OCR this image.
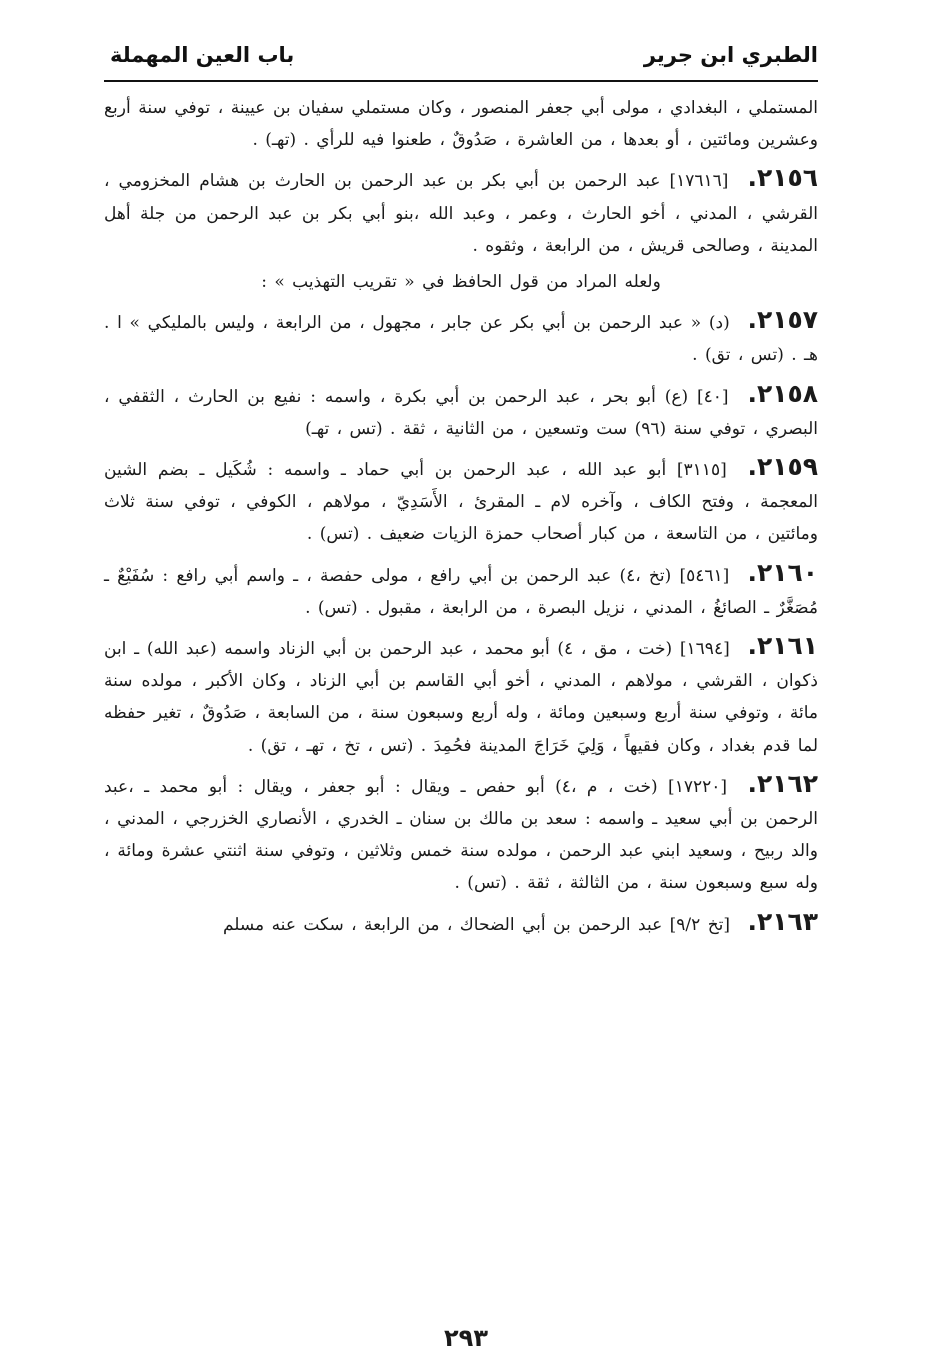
الطبري ابن جرير
باب العين المهملة

المستملي ، البغدادي ، مولى أبي جعفر المنصور ، وكان مستملي سفيان بن عيينة ، توفي سنة أربع وعشرين ومائتين ، أو بعدها ، من العاشرة ، صَدُوقٌ ، طعنوا فيه للرأي . (تهـ) .

٢١٥٦. [١٧٦١٦] عبد الرحمن بن أبي بكر بن عبد الرحمن بن الحارث بن هشام المخزومي ، القرشي ، المدني ، أخو الحارث ، وعمر ، وعبد الله ،بنو أبي بكر بن عبد الرحمن من جلة أهل المدينة ، وصالحى قريش ، من الرابعة ، وثقوه .

ولعله المراد من قول الحافظ في « تقريب التهذيب » :

٢١٥٧. (د) « عبد الرحمن بن أبي بكر عن جابر ، مجهول ، من الرابعة ، وليس بالمليكي » ا . هـ . (تس ، تق) .

٢١٥٨. [٤٠] (ع) أبو بحر ، عبد الرحمن بن أبي بكرة ، واسمه : نفيع بن الحارث ، الثقفي ، البصري ، توفي سنة (٩٦) ست وتسعين ، من الثانية ، ثقة . (تس ، تهـ)

٢١٥٩. [٣١١٥] أبو عبد الله ، عبد الرحمن بن أبي حماد ـ واسمه : شُكَيل ـ بضم الشين المعجمة ، وفتح الكاف ، وآخره لام ـ المقرئ ، الأَسَدِيّ ، مولاهم ، الكوفي ، توفي سنة ثلاث ومائتين ، من التاسعة ، من كبار أصحاب حمزة الزيات ضعيف . (تس) .

٢١٦٠. [٥٤٦١] (تخ ،٤) عبد الرحمن بن أبي رافع ، مولى حفصة ، ـ واسم أبي رافع : سُفَيْعٌ ـ مُصَغَّرٌ ـ الصائغُ ، المدني ، نزيل البصرة ، من الرابعة ، مقبول . (تس) .

٢١٦١. [١٦٩٤] (خت ، مق ، ٤) أبو محمد ، عبد الرحمن بن أبي الزناد واسمه (عبد الله) ـ ابن ذكوان ، القرشي ، مولاهم ، المدني ، أخو أبي القاسم بن أبي الزناد ، وكان الأكبر ، مولده سنة مائة ، وتوفي سنة أربع وسبعين ومائة ، وله أربع وسبعون سنة ، من السابعة ، صَدُوقٌ ، تغير حفظه لما قدم بغداد ، وكان فقيهاً ، وَلِيَ خَرَاجَ المدينة فحُمِدَ . (تس ، تخ ، تهـ ، تق) .

٢١٦٢. [١٧٢٢٠] (خت ، م ،٤) أبو حفص ـ ويقال : أبو جعفر ، ويقال : أبو محمد ـ ،عبد الرحمن بن أبي سعيد ـ واسمه : سعد بن مالك بن سنان ـ الخدري ، الأنصاري الخزرجي ، المدني ، والد ربيح ، وسعيد ابني عبد الرحمن ، مولده سنة خمس وثلاثين ، وتوفي سنة اثنتي عشرة ومائة ، وله سبع وسبعون سنة ، من الثالثة ، ثقة . (تس) .

٢١٦٣. [تخ ٩/٢] عبد الرحمن بن أبي الضحاك ، من الرابعة ، سكت عنه مسلم

٢٩٣
